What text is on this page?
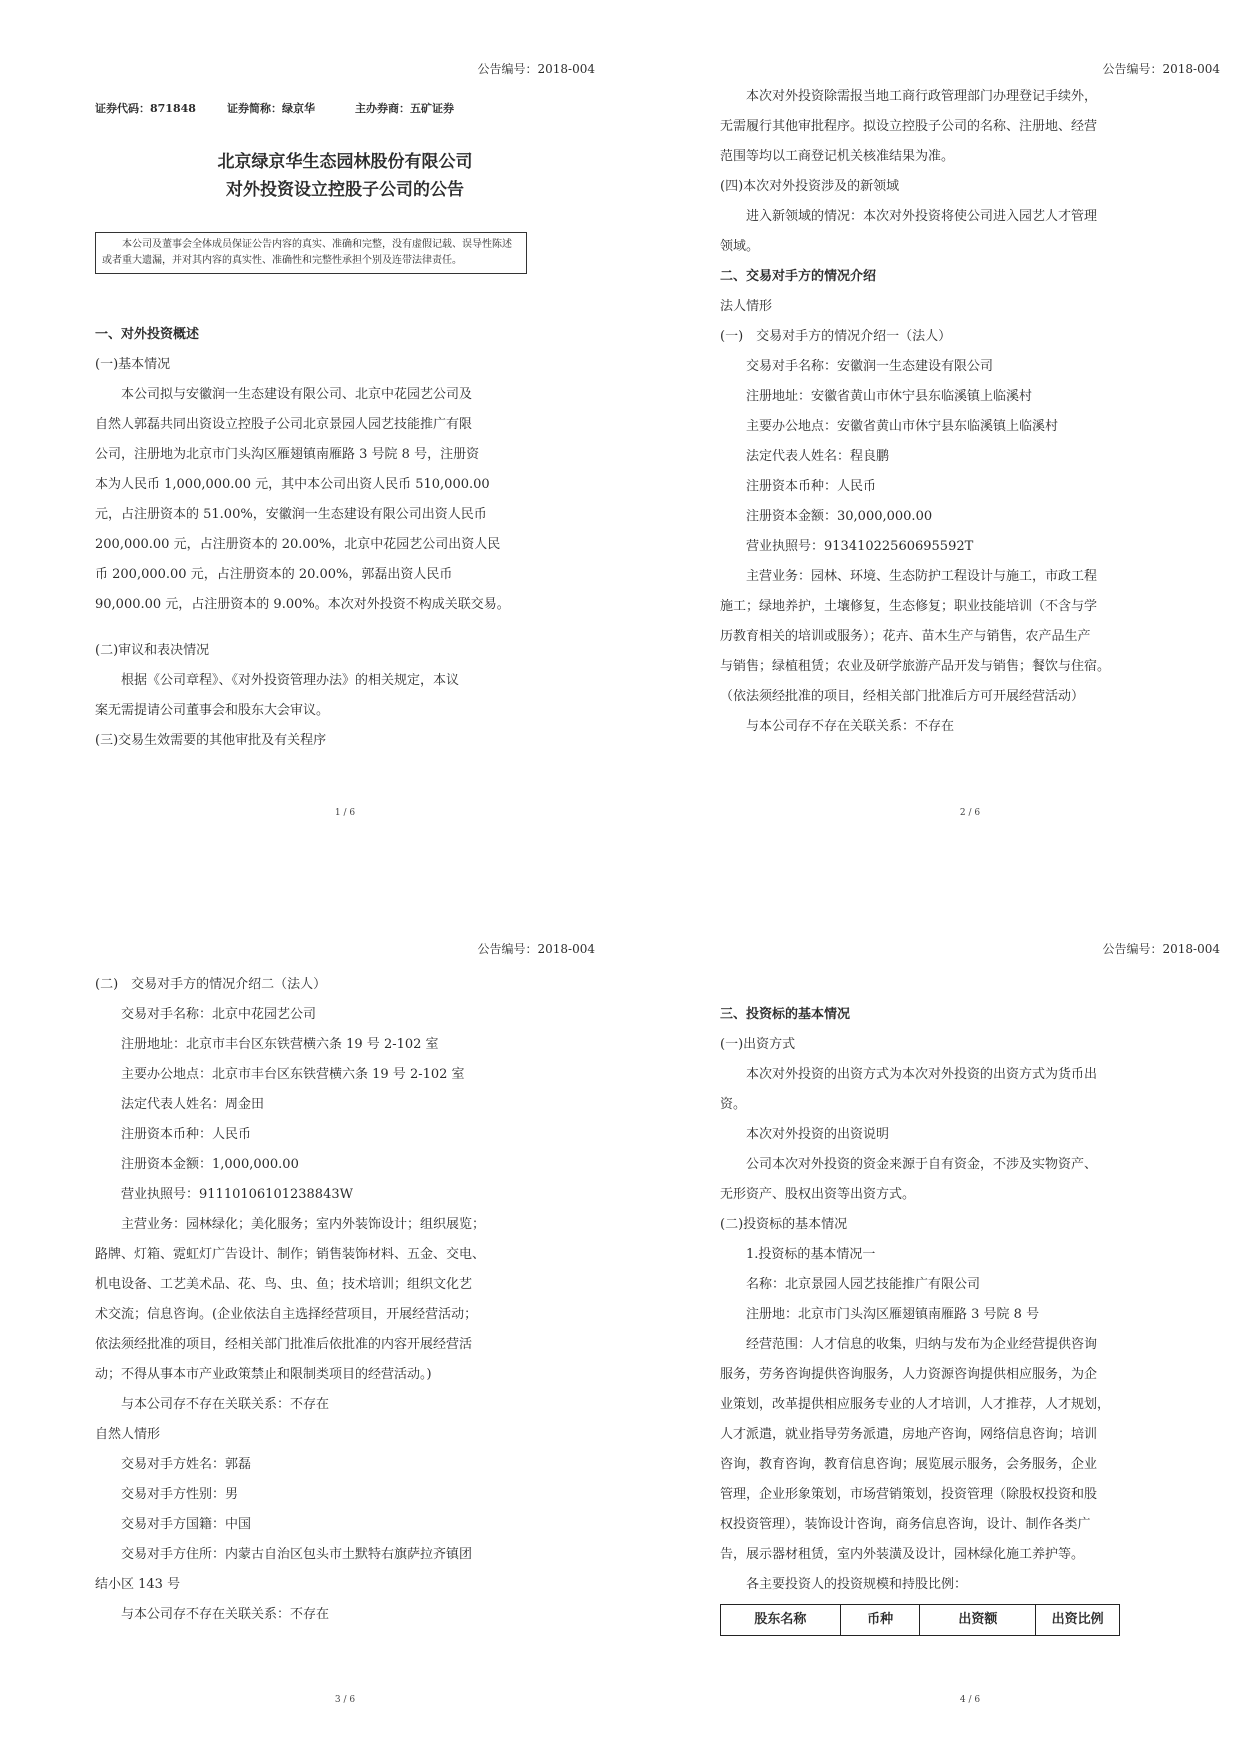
公告编号：2018-004
证券代码：871848	证券简称：绿京华	主办券商：五矿证券
北京绿京华生态园林股份有限公司
对外投资设立控股子公司的公告
本公司及董事会全体成员保证公告内容的真实、准确和完整，没有虚假记载、误导性陈述或者重大遗漏，并对其内容的真实性、准确性和完整性承担个别及连带法律责任。
一、对外投资概述
(一)基本情况
本公司拟与安徽润一生态建设有限公司、北京中花园艺公司及
自然人郭磊共同出资设立控股子公司北京景园人园艺技能推广有限
公司，注册地为北京市门头沟区雁翅镇南雁路 3 号院 8 号，注册资
本为人民币 1,000,000.00 元，其中本公司出资人民币 510,000.00
元，占注册资本的 51.00%，安徽润一生态建设有限公司出资人民币
200,000.00 元，占注册资本的 20.00%，北京中花园艺公司出资人民
币 200,000.00 元，占注册资本的 20.00%，郭磊出资人民币
90,000.00 元，占注册资本的 9.00%。本次对外投资不构成关联交易。
(二)审议和表决情况
根据《公司章程》、《对外投资管理办法》的相关规定，本议
案无需提请公司董事会和股东大会审议。
(三)交易生效需要的其他审批及有关程序
1 / 6
公告编号：2018-004
本次对外投资除需报当地工商行政管理部门办理登记手续外，
无需履行其他审批程序。拟设立控股子公司的名称、注册地、经营
范围等均以工商登记机关核准结果为准。
(四)本次对外投资涉及的新领域
进入新领域的情况：本次对外投资将使公司进入园艺人才管理
领域。
二、交易对手方的情况介绍
法人情形
(一)　交易对手方的情况介绍一（法人）
交易对手名称：安徽润一生态建设有限公司
注册地址：安徽省黄山市休宁县东临溪镇上临溪村
主要办公地点：安徽省黄山市休宁县东临溪镇上临溪村
法定代表人姓名：程良鹏
注册资本币种：人民币
注册资本金额：30,000,000.00
营业执照号：91341022560695592T
主营业务：园林、环境、生态防护工程设计与施工，市政工程
施工；绿地养护，土壤修复，生态修复；职业技能培训（不含与学
历教育相关的培训或服务）；花卉、苗木生产与销售，农产品生产
与销售；绿植租赁；农业及研学旅游产品开发与销售；餐饮与住宿。
（依法须经批准的项目，经相关部门批准后方可开展经营活动）
与本公司存不存在关联关系：不存在
2 / 6
公告编号：2018-004
(二)　交易对手方的情况介绍二（法人）
交易对手名称：北京中花园艺公司
注册地址：北京市丰台区东铁营横六条 19 号 2-102 室
主要办公地点：北京市丰台区东铁营横六条 19 号 2-102 室
法定代表人姓名：周金田
注册资本币种：人民币
注册资本金额：1,000,000.00
营业执照号：91110106101238843W
主营业务：园林绿化；美化服务；室内外装饰设计；组织展览；
路牌、灯箱、霓虹灯广告设计、制作；销售装饰材料、五金、交电、
机电设备、工艺美术品、花、鸟、虫、鱼；技术培训；组织文化艺
术交流；信息咨询。(企业依法自主选择经营项目，开展经营活动；
依法须经批准的项目，经相关部门批准后依批准的内容开展经营活
动；不得从事本市产业政策禁止和限制类项目的经营活动。)
与本公司存不存在关联关系：不存在
自然人情形
交易对手方姓名：郭磊
交易对手方性别：男
交易对手方国籍：中国
交易对手方住所：内蒙古自治区包头市土默特右旗萨拉齐镇团
结小区 143 号
与本公司存不存在关联关系：不存在
3 / 6
公告编号：2018-004
三、投资标的基本情况
(一)出资方式
本次对外投资的出资方式为本次对外投资的出资方式为货币出
资。
本次对外投资的出资说明
公司本次对外投资的资金来源于自有资金，不涉及实物资产、
无形资产、股权出资等出资方式。
(二)投资标的基本情况
1.投资标的基本情况一
名称：北京景园人园艺技能推广有限公司
注册地：北京市门头沟区雁翅镇南雁路 3 号院 8 号
经营范围：人才信息的收集，归纳与发布为企业经营提供咨询
服务，劳务咨询提供咨询服务，人力资源咨询提供相应服务，为企
业策划，改革提供相应服务专业的人才培训，人才推荐，人才规划，
人才派遣，就业指导劳务派遣，房地产咨询，网络信息咨询；培训
咨询，教育咨询，教育信息咨询；展览展示服务，会务服务，企业
管理，企业形象策划，市场营销策划，投资管理（除股权投资和股
权投资管理），装饰设计咨询，商务信息咨询，设计、制作各类广
告，展示器材租赁，室内外装潢及设计，园林绿化施工养护等。
各主要投资人的投资规模和持股比例：
股东名称	币种	出资额	出资比例
4 / 6
